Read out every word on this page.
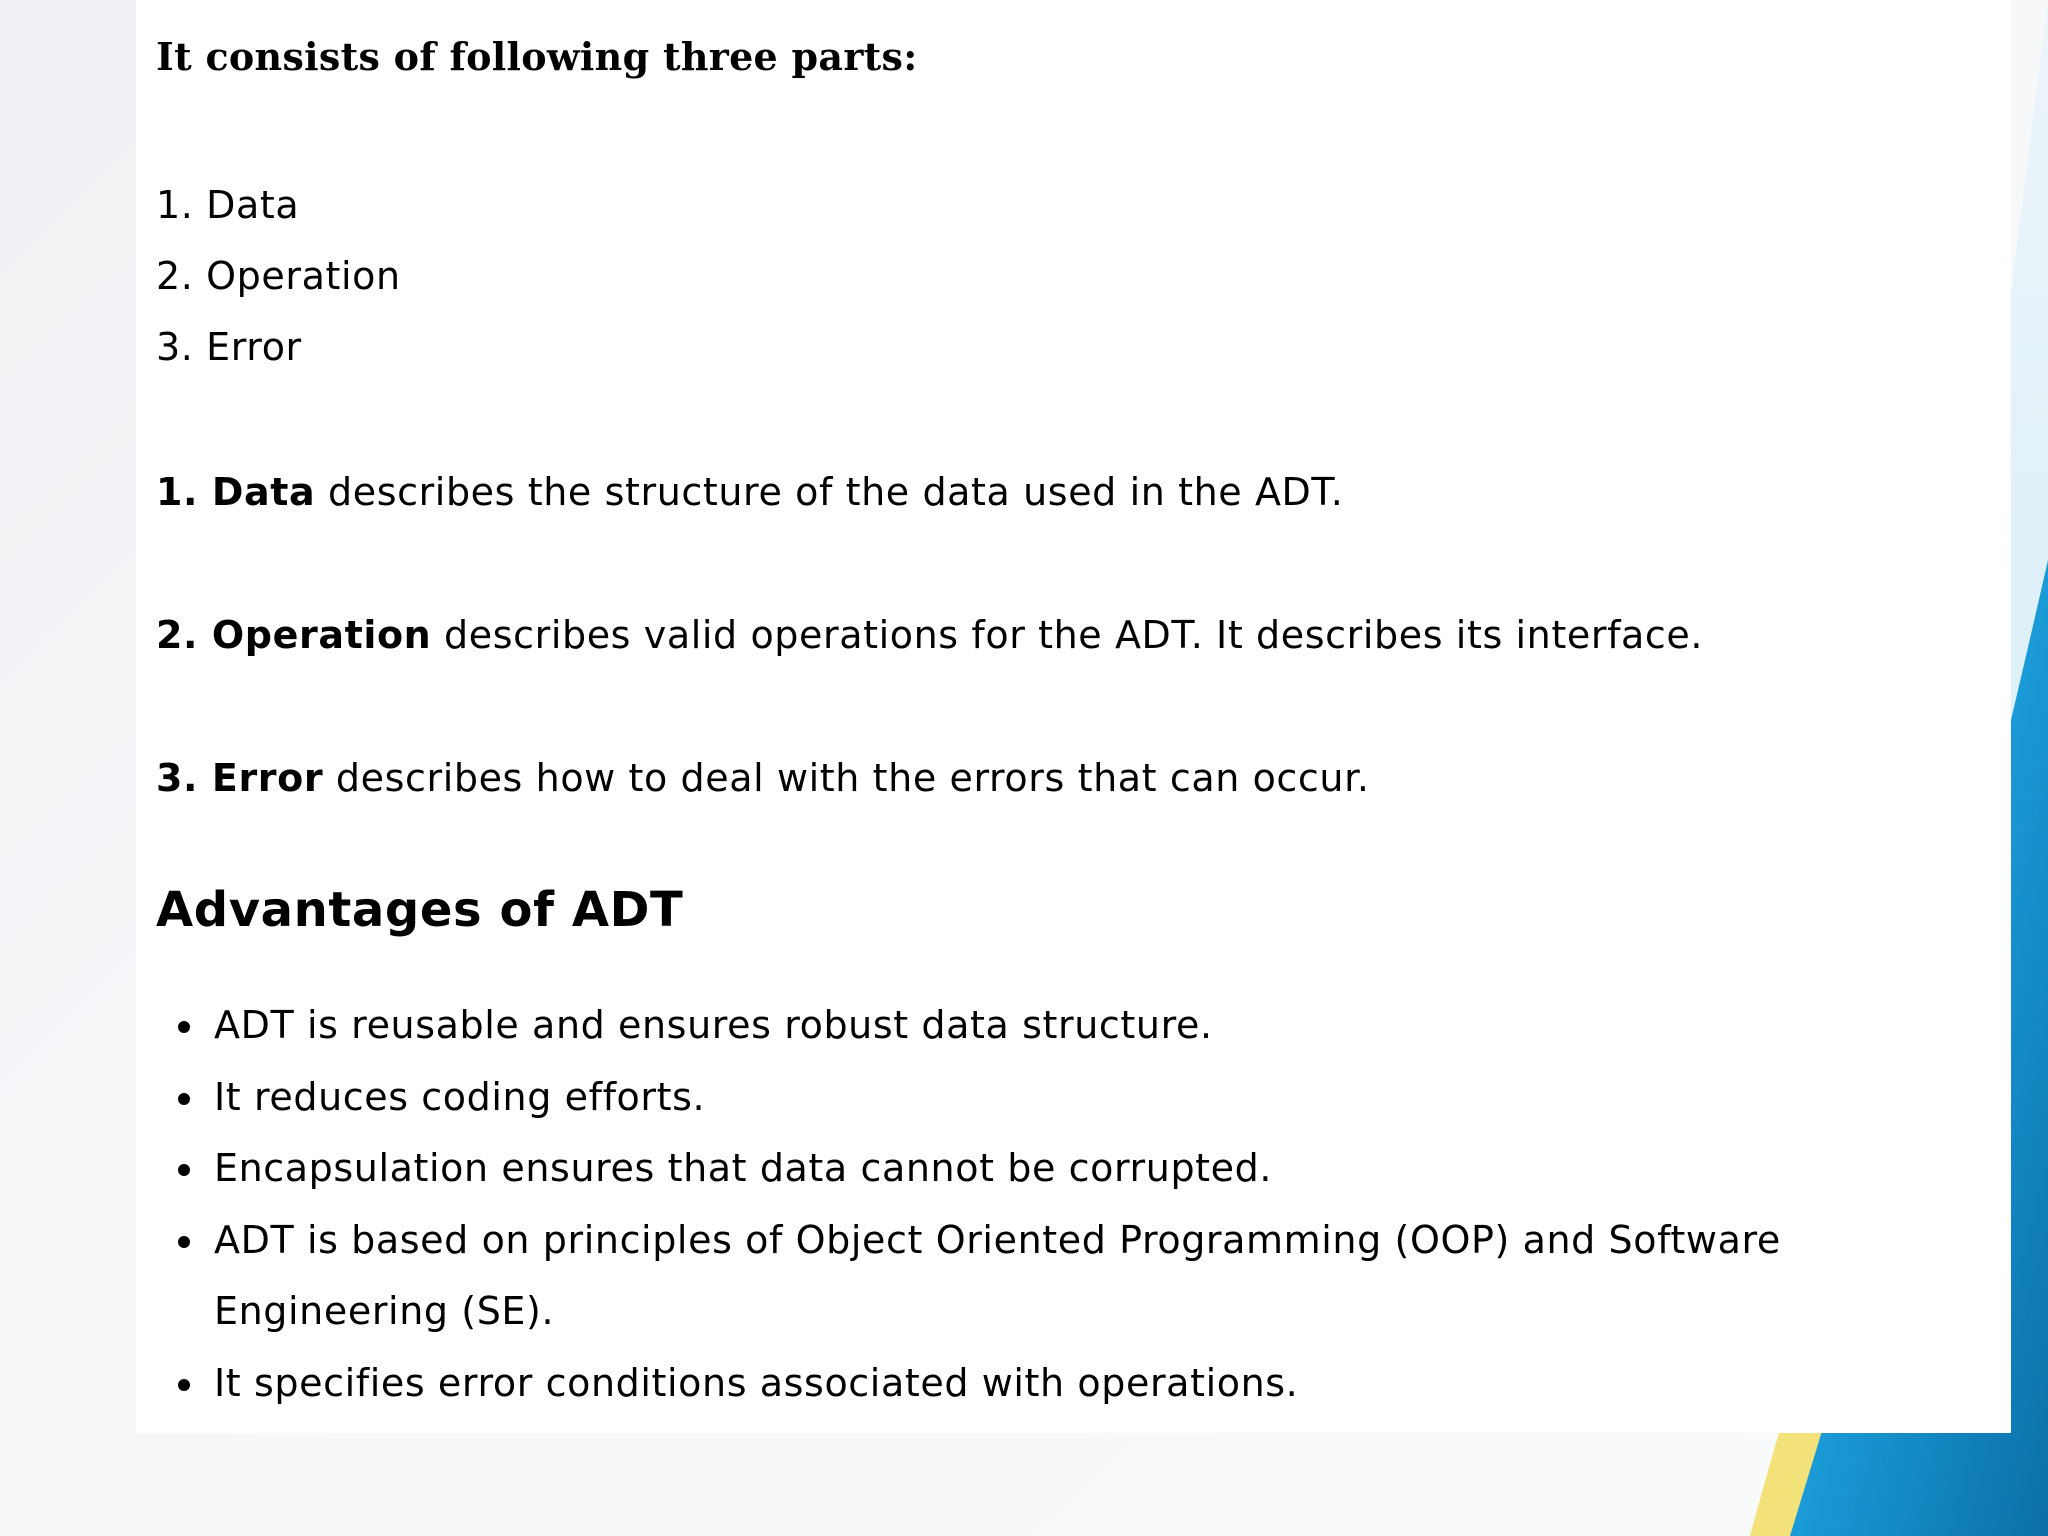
It consists of following three parts:
1. Data
2. Operation
3. Error
1. Data describes the structure of the data used in the ADT.
2. Operation describes valid operations for the ADT. It describes its interface.
3. Error describes how to deal with the errors that can occur.
Advantages of ADT
ADT is reusable and ensures robust data structure.
It reduces coding efforts.
Encapsulation ensures that data cannot be corrupted.
ADT is based on principles of Object Oriented Programming (OOP) and Software Engineering (SE).
It specifies error conditions associated with operations.
